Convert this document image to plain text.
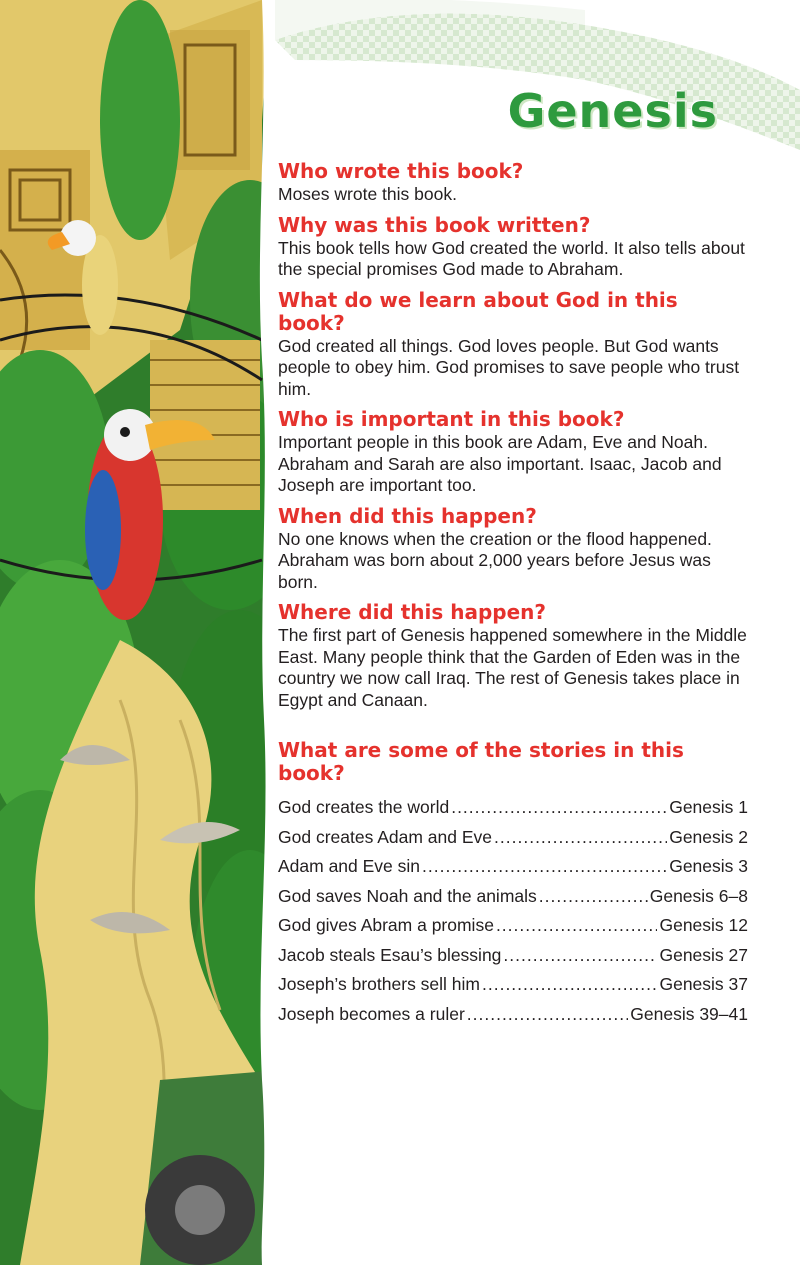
Genesis
Who wrote this book?

Moses wrote this book.

Why was this book written?

This book tells how God created the world. It also tells about the special promises God made to Abraham.

What do we learn about God in this book?

God created all things. God loves people. But God wants people to obey him. God promises to save people who trust him.

Who is important in this book?

Important people in this book are Adam, Eve and Noah. Abraham and Sarah are also important. Isaac, Jacob and Joseph are important too.

When did this happen?

No one knows when the creation or the flood happened. Abraham was born about 2,000 years before Jesus was born.

Where did this happen?

The first part of Genesis happened somewhere in the Middle East. Many people think that the Garden of Eden was in the country we now call Iraq. The rest of Genesis takes place in Egypt and Canaan.

What are some of the stories in this book?
God creates the world .....	Genesis 1
God creates Adam and Eve .....	Genesis 2
Adam and Eve sin .....	Genesis 3
God saves Noah and the animals .....	Genesis 6–8
God gives Abram a promise .....	Genesis 12
Jacob steals Esau’s blessing .....	Genesis 27
Joseph’s brothers sell him .....	Genesis 37
Joseph becomes a ruler .....	Genesis 39–41
